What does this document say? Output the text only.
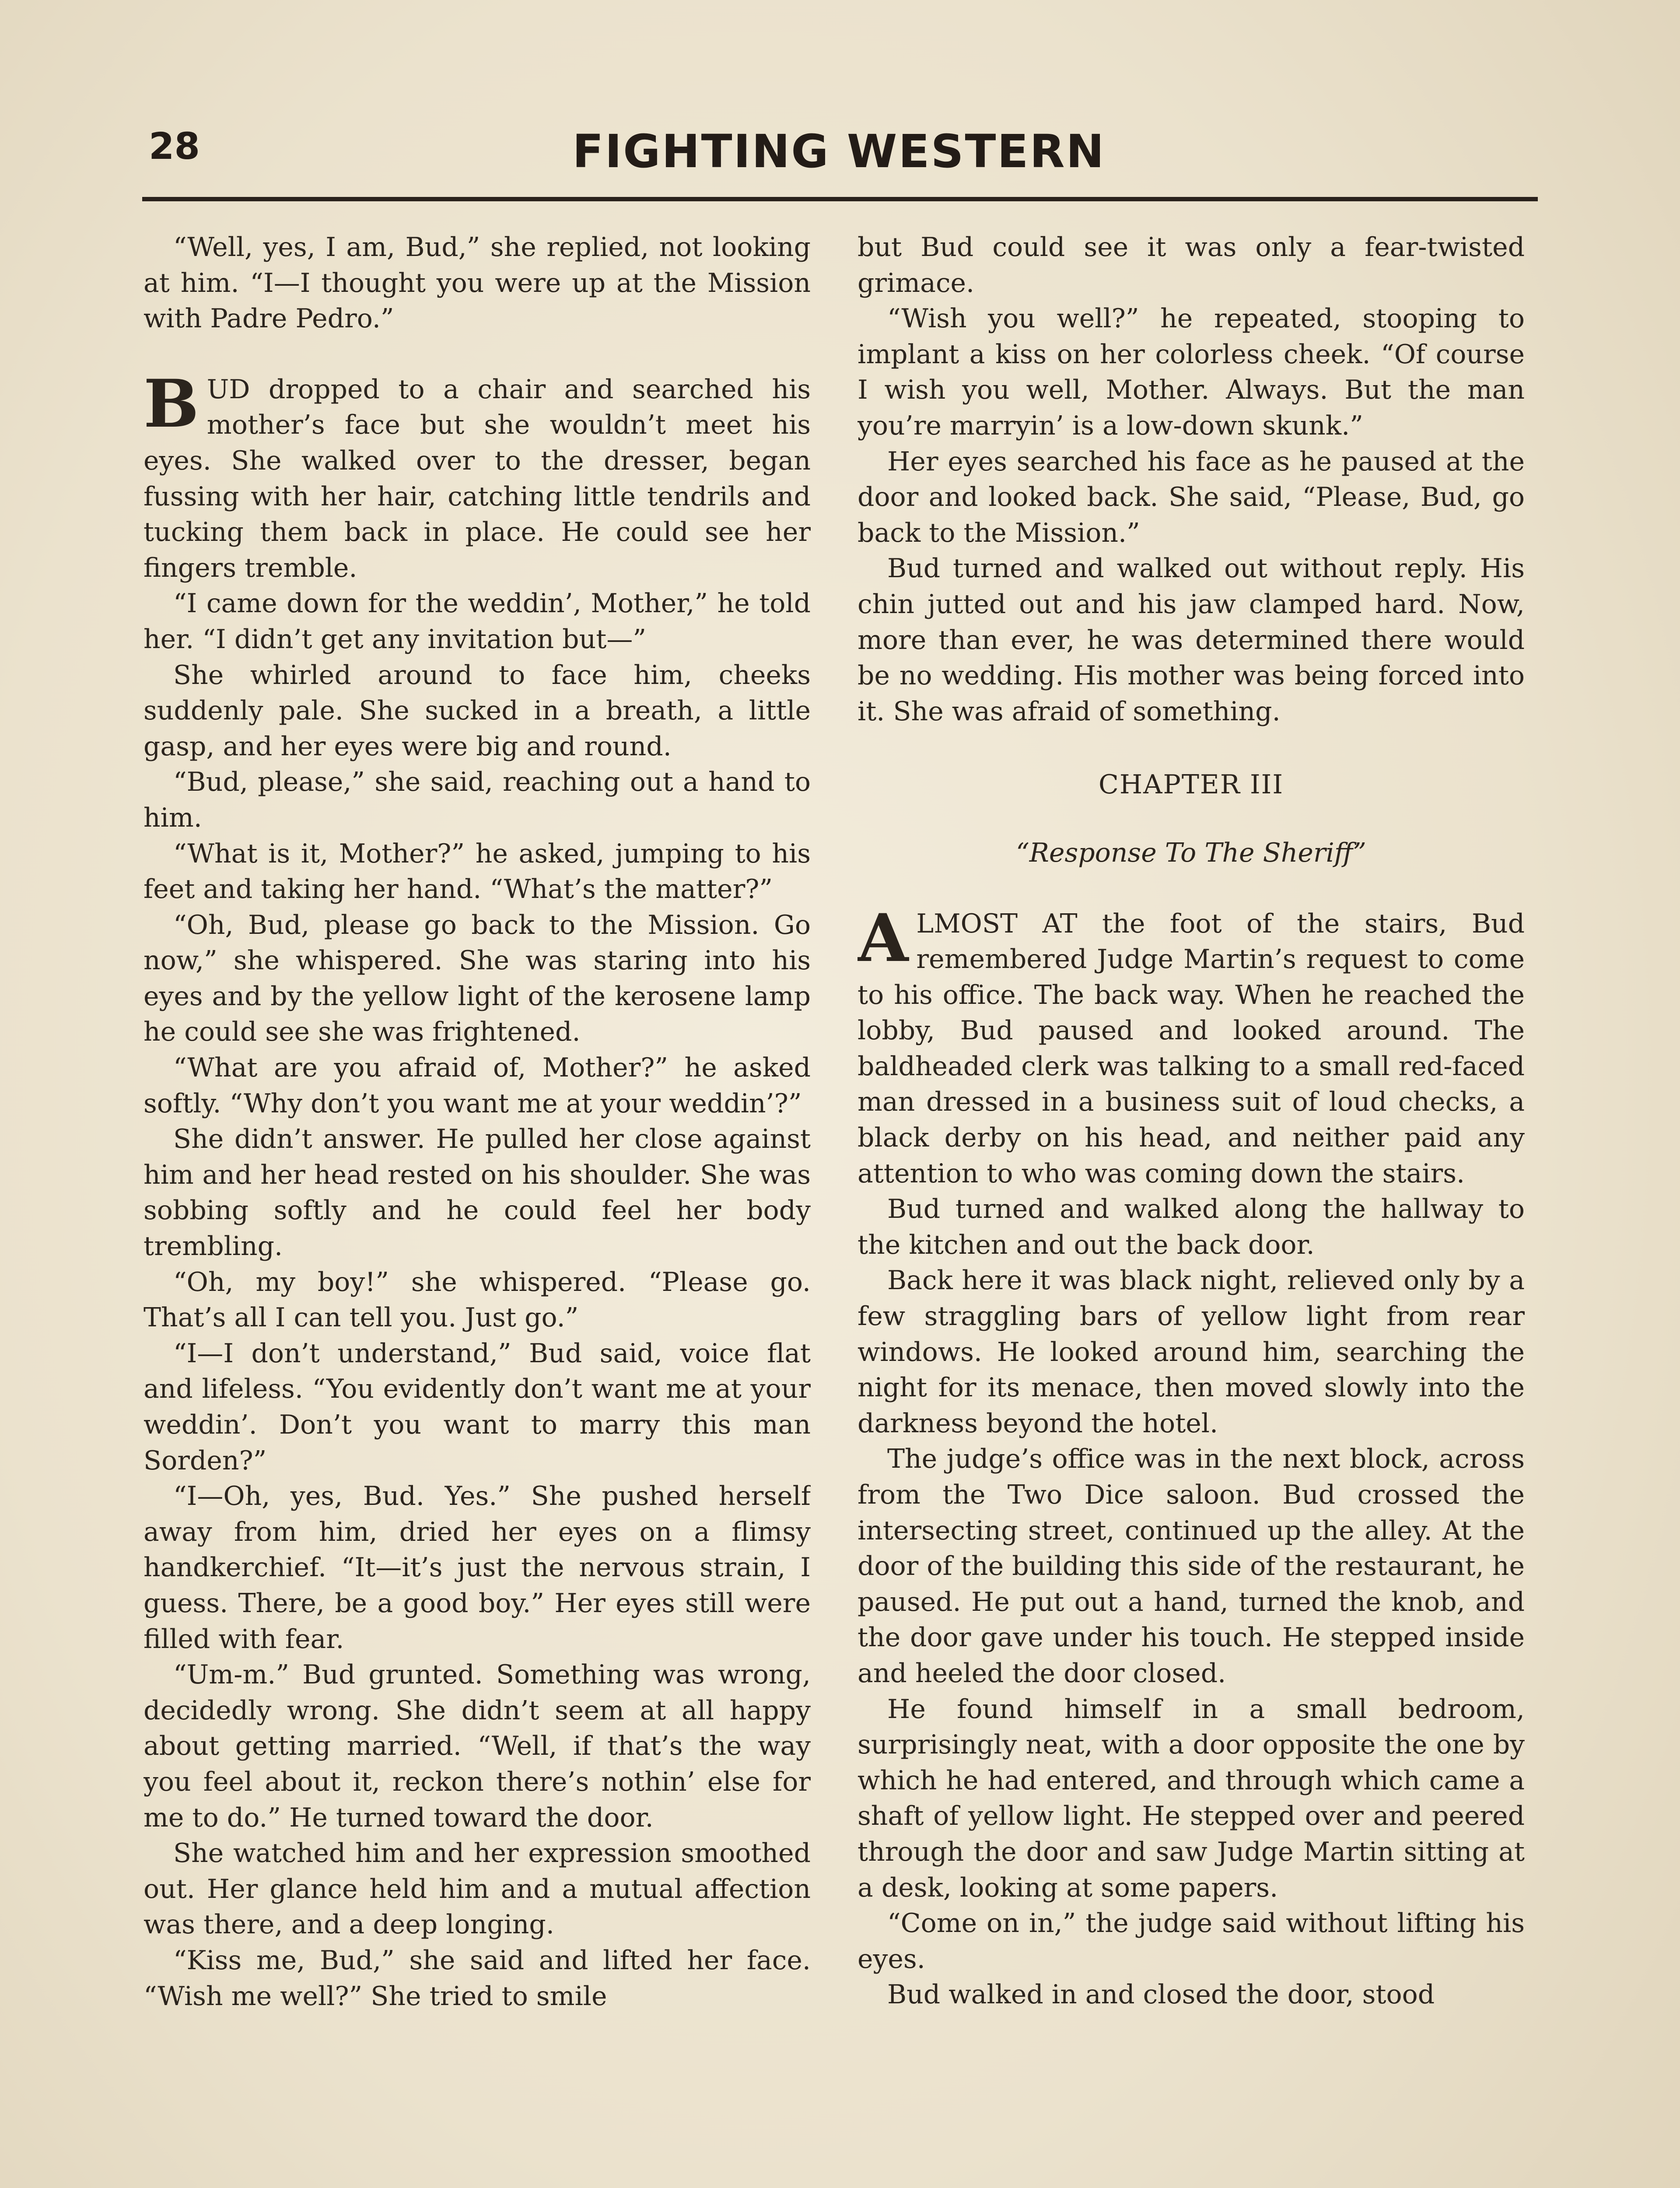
28	FIGHTING WESTERN

“Well, yes, I am, Bud,” she replied, not looking at him. “I—I thought you were up at the Mission with Padre Pedro.”

BUD dropped to a chair and searched his mother’s face but she wouldn’t meet his eyes. She walked over to the dresser, began fussing with her hair, catching little tendrils and tucking them back in place. He could see her fingers tremble.

“I came down for the weddin’, Mother,” he told her. “I didn’t get any invitation but—”

She whirled around to face him, cheeks suddenly pale. She sucked in a breath, a little gasp, and her eyes were big and round.

“Bud, please,” she said, reaching out a hand to him.

“What is it, Mother?” he asked, jumping to his feet and taking her hand. “What’s the matter?”

“Oh, Bud, please go back to the Mission. Go now,” she whispered. She was staring into his eyes and by the yellow light of the kerosene lamp he could see she was frightened.

“What are you afraid of, Mother?” he asked softly. “Why don’t you want me at your weddin’?”

She didn’t answer. He pulled her close against him and her head rested on his shoulder. She was sobbing softly and he could feel her body trembling.

“Oh, my boy!” she whispered. “Please go. That’s all I can tell you. Just go.”

“I—I don’t understand,” Bud said, voice flat and lifeless. “You evidently don’t want me at your weddin’. Don’t you want to marry this man Sorden?”

“I—Oh, yes, Bud. Yes.” She pushed herself away from him, dried her eyes on a flimsy handkerchief. “It—it’s just the nervous strain, I guess. There, be a good boy.” Her eyes still were filled with fear.

“Um-m.” Bud grunted. Something was wrong, decidedly wrong. She didn’t seem at all happy about getting married. “Well, if that’s the way you feel about it, reckon there’s nothin’ else for me to do.” He turned toward the door.

She watched him and her expression smoothed out. Her glance held him and a mutual affection was there, and a deep longing.

“Kiss me, Bud,” she said and lifted her face. “Wish me well?” She tried to smile

but Bud could see it was only a fear-twisted grimace.

“Wish you well?” he repeated, stooping to implant a kiss on her colorless cheek. “Of course I wish you well, Mother. Always. But the man you’re marryin’ is a low-down skunk.”

Her eyes searched his face as he paused at the door and looked back. She said, “Please, Bud, go back to the Mission.”

Bud turned and walked out without reply. His chin jutted out and his jaw clamped hard. Now, more than ever, he was determined there would be no wedding. His mother was being forced into it. She was afraid of something.

CHAPTER III
“Response To The Sheriff”

ALMOST AT the foot of the stairs, Bud remembered Judge Martin’s request to come to his office. The back way. When he reached the lobby, Bud paused and looked around. The baldheaded clerk was talking to a small red-faced man dressed in a business suit of loud checks, a black derby on his head, and neither paid any attention to who was coming down the stairs.

Bud turned and walked along the hallway to the kitchen and out the back door.

Back here it was black night, relieved only by a few straggling bars of yellow light from rear windows. He looked around him, searching the night for its menace, then moved slowly into the darkness beyond the hotel.

The judge’s office was in the next block, across from the Two Dice saloon. Bud crossed the intersecting street, continued up the alley. At the door of the building this side of the restaurant, he paused. He put out a hand, turned the knob, and the door gave under his touch. He stepped inside and heeled the door closed.

He found himself in a small bedroom, surprisingly neat, with a door opposite the one by which he had entered, and through which came a shaft of yellow light. He stepped over and peered through the door and saw Judge Martin sitting at a desk, looking at some papers.

“Come on in,” the judge said without lifting his eyes.

Bud walked in and closed the door, stood
